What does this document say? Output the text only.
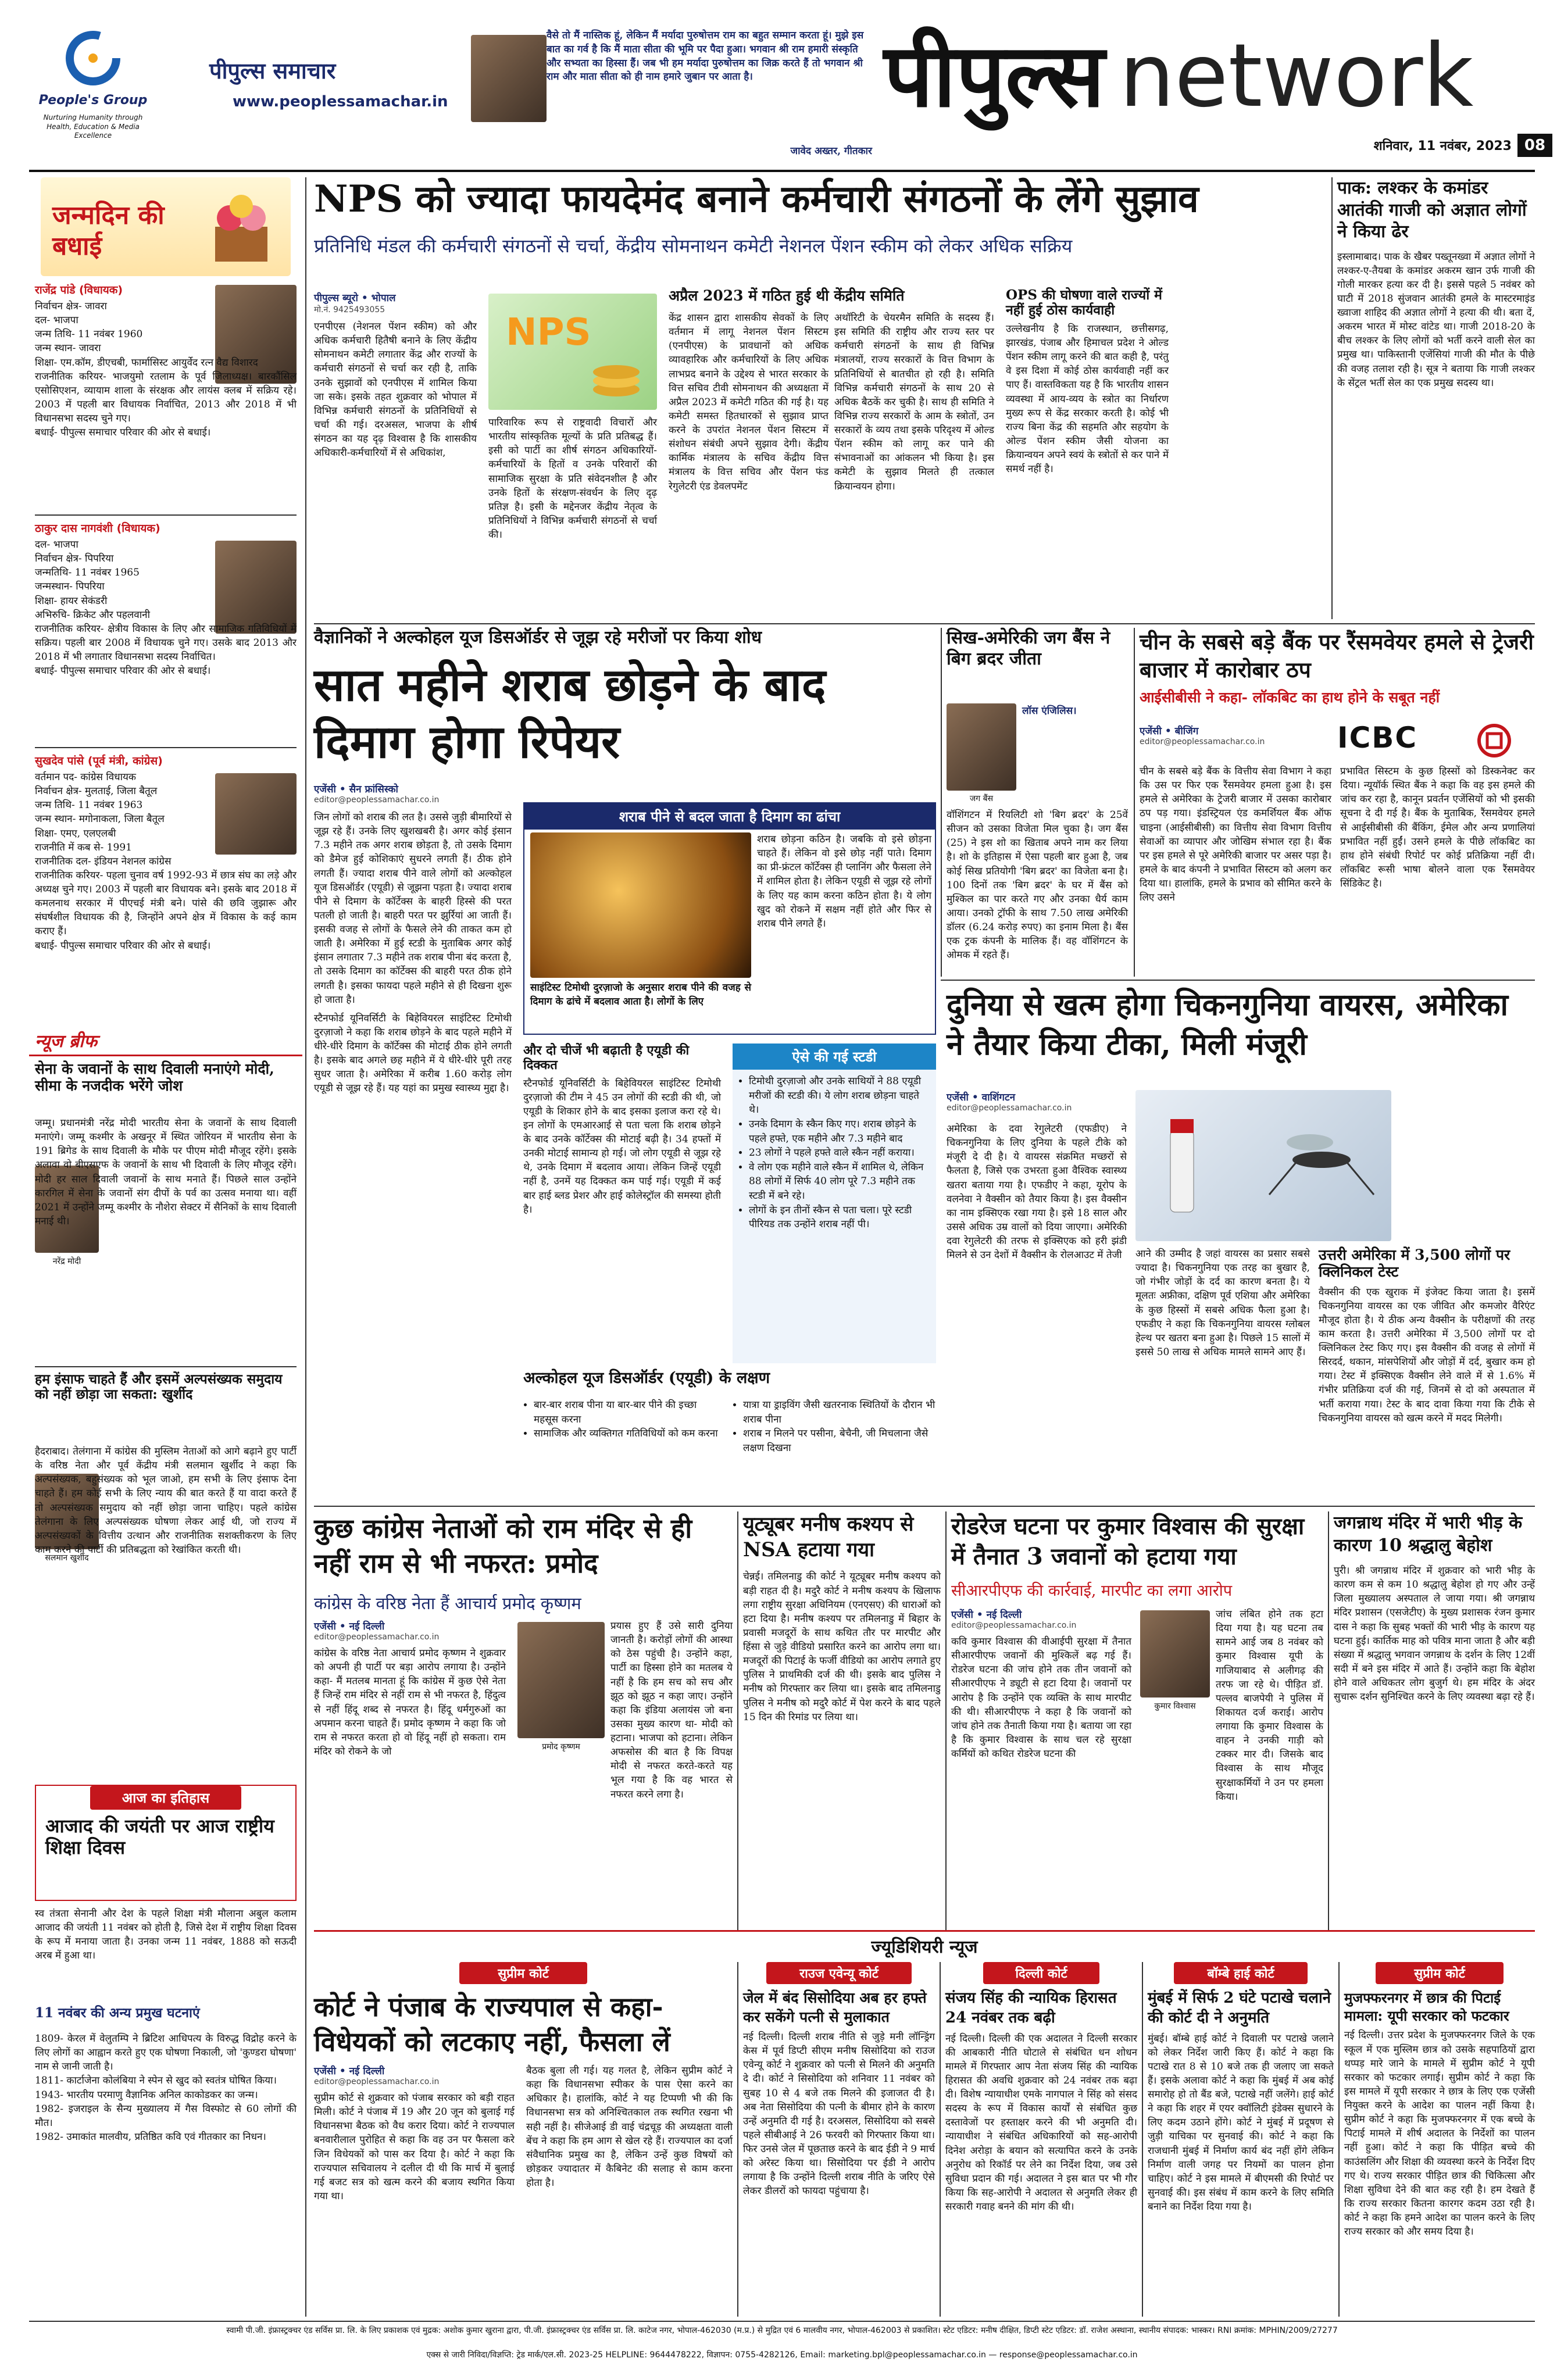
People's Group
Nurturing Humanity through Health, Education & Media Excellence
पीपुल्स समाचार
www.peoplessamachar.in
वैसे तो मैं नास्तिक हूं, लेकिन मैं मर्यादा पुरुषोत्तम राम का बहुत सम्मान करता हूं। मुझे इस बात का गर्व है कि मैं माता सीता की भूमि पर पैदा हुआ। भगवान श्री राम हमारी संस्कृति और सभ्यता का हिस्सा हैं। जब भी हम मर्यादा पुरुषोत्तम का जिक्र करते हैं तो भगवान श्री राम और माता सीता को ही नाम हमारे जुबान पर आता है।
जावेद अख्तर, गीतकार
पीपुल्स network
शनिवार, 11 नवंबर, 2023 08
जन्मदिन की बधाई
राजेंद्र पांडे (विधायक)
निर्वाचन क्षेत्र- जावरा
दल- भाजपा
जन्म तिथि- 11 नवंबर 1960
जन्म स्थान- जावरा
शिक्षा- एम.कॉम, डीएचबी, फार्मासिस्ट आयुर्वेद रत्न वैद्य विशारद
राजनीतिक करियर- भाजयुमो रतलाम के पूर्व जिलाध्यक्ष। बारकौंसिल एसोसिएशन, व्यायाम शाला के संरक्षक और लायंस क्लब में सक्रिय रहे। 2003 में पहली बार विधायक निर्वाचित, 2013 और 2018 में भी विधानसभा सदस्य चुने गए।
बधाई- पीपुल्स समाचार परिवार की ओर से बधाई।
ठाकुर दास नागवंशी (विधायक)
दल- भाजपा
निर्वाचन क्षेत्र- पिपरिया
जन्मतिथि- 11 नवंबर 1965
जन्मस्थान- पिपरिया
शिक्षा- हायर सेकंडरी
अभिरुचि- क्रिकेट और पहलवानी
राजनीतिक करियर- क्षेत्रीय विकास के लिए और सामाजिक गतिविधियों में सक्रिय। पहली बार 2008 में विधायक चुने गए। उसके बाद 2013 और 2018 में भी लगातार विधानसभा सदस्य निर्वाचित।
बधाई- पीपुल्स समाचार परिवार की ओर से बधाई।
सुखदेव पांसे (पूर्व मंत्री, कांग्रेस)
वर्तमान पद- कांग्रेस विधायक
निर्वाचन क्षेत्र- मुलताई, जिला बैतूल
जन्म तिथि- 11 नवंबर 1963
जन्म स्थान- मगोनाकला, जिला बैतूल
शिक्षा- एमए, एलएलबी
राजनीति में कब से- 1991
राजनीतिक दल- इंडियन नेशनल कांग्रेस
राजनीतिक करियर- पहला चुनाव वर्ष 1992-93 में छात्र संघ का लड़े और अध्यक्ष चुने गए। 2003 में पहली बार विधायक बने। इसके बाद 2018 में कमलनाथ सरकार में पीएचई मंत्री बने। पांसे की छवि जुझारू और संघर्षशील विधायक की है, जिन्होंने अपने क्षेत्र में विकास के कई काम कराए हैं।
बधाई- पीपुल्स समाचार परिवार की ओर से बधाई।
न्यूज ब्रीफ
सेना के जवानों के साथ दिवाली मनाएंगे मोदी, सीमा के नजदीक भरेंगे जोश
नरेंद्र मोदी
जम्मू। प्रधानमंत्री नरेंद्र मोदी भारतीय सेना के जवानों के साथ दिवाली मनाएंगे। जम्मू कश्मीर के अखनूर में स्थित जोरियन में भारतीय सेना के 191 ब्रिगेड के साथ दिवाली के मौके पर पीएम मोदी मौजूद रहेंगे। इसके अलावा वो बीएसएफ के जवानों के साथ भी दिवाली के लिए मौजूद रहेंगे। मोदी हर साल दिवाली जवानों के साथ मनाते हैं। पिछले साल उन्होंने कारगिल में सेना के जवानों संग दीपों के पर्व का उत्सव मनाया था। वहीं 2021 में उन्होंने जम्मू कश्मीर के नौशेरा सेक्टर में सैनिकों के साथ दिवाली मनाई थी।
हम इंसाफ चाहते हैं और इसमें अल्पसंख्यक समुदाय को नहीं छोड़ा जा सकता: खुर्शीद
सलमान खुर्शीद
हैदराबाद। तेलंगाना में कांग्रेस की मुस्लिम नेताओं को आगे बढ़ाने हुए पार्टी के वरिष्ठ नेता और पूर्व केंद्रीय मंत्री सलमान खुर्शीद ने कहा कि अल्पसंख्यक, बहुसंख्यक को भूल जाओ, हम सभी के लिए इंसाफ देना चाहते हैं। हम कोई सभी के लिए न्याय की बात करते हैं या वादा करते हैं तो अल्पसंख्यक समुदाय को नहीं छोड़ा जाना चाहिए। पहले कांग्रेस तेलंगाना के लिए अल्पसंख्यक घोषणा लेकर आई थी, जो राज्य में अल्पसंख्यकों के वित्तीय उत्थान और राजनीतिक सशक्तीकरण के लिए काम करने की पार्टी की प्रतिबद्धता को रेखांकित करती थी।
आज का इतिहास
आजाद की जयंती पर आज राष्ट्रीय शिक्षा दिवस
स्व तंत्रता सेनानी और देश के पहले शिक्षा मंत्री मौलाना अबुल कलाम आजाद की जयंती 11 नवंबर को होती है, जिसे देश में राष्ट्रीय शिक्षा दिवस के रूप में मनाया जाता है। उनका जन्म 11 नवंबर, 1888 को सऊदी अरब में हुआ था।
11 नवंबर की अन्य प्रमुख घटनाएं
1809- केरल में वेलुतम्पि ने ब्रिटिश आधिपत्य के विरुद्ध विद्रोह करने के लिए लोगों का आह्वान करते हुए एक घोषणा निकाली, जो 'कुण्डरा घोषणा' नाम से जानी जाती है।
1811- कार्टाजेना कोलंबिया ने स्पेन से खुद को स्वतंत्र घोषित किया।
1943- भारतीय परमाणु वैज्ञानिक अनिल काकोडकर का जन्म।
1982- इजराइल के सैन्य मुख्यालय में गैस विस्फोट से 60 लोगों की मौत।
1982- उमाकांत मालवीय, प्रतिष्ठित कवि एवं गीतकार का निधन।
NPS को ज्यादा फायदेमंद बनाने कर्मचारी संगठनों के लेंगे सुझाव
प्रतिनिधि मंडल की कर्मचारी संगठनों से चर्चा, केंद्रीय सोमनाथन कमेटी नेशनल पेंशन स्कीम को लेकर अधिक सक्रिय
पीपुल्स ब्यूरो • भोपाल
मो.नं. 9425493055
एनपीएस (नेशनल पेंशन स्कीम) को और अधिक कर्मचारी हितैषी बनाने के लिए केंद्रीय सोमनाथन कमेटी लगातार केंद्र और राज्यों के कर्मचारी संगठनों से चर्चा कर रही है, ताकि उनके सुझावों को एनपीएस में शामिल किया जा सके। इसके तहत शुक्रवार को भोपाल में विभिन्न कर्मचारी संगठनों के प्रतिनिधियों से चर्चा की गई। दरअसल, भाजपा के शीर्ष संगठन का यह दृढ़ विश्वास है कि शासकीय अधिकारी-कर्मचारियों में से अधिकांश,
NPS
पारिवारिक रूप से राष्ट्रवादी विचारों और भारतीय सांस्कृतिक मूल्यों के प्रति प्रतिबद्ध हैं। इसी को पार्टी का शीर्ष संगठन अधिकारियों-कर्मचारियों के हितों व उनके परिवारों की सामाजिक सुरक्षा के प्रति संवेदनशील है और उनके हितों के संरक्षण-संवर्धन के लिए दृढ़ प्रतिज्ञ है। इसी के मद्देनजर केंद्रीय नेतृत्व के प्रतिनिधियों ने विभिन्न कर्मचारी संगठनों से चर्चा की।
अप्रैल 2023 में गठित हुई थी केंद्रीय समिति
केंद्र शासन द्वारा शासकीय सेवकों के लिए वर्तमान में लागू नेशनल पेंशन सिस्टम (एनपीएस) के प्रावधानों को अधिक व्यावहारिक और कर्मचारियों के लिए अधिक लाभप्रद बनाने के उद्देश्य से भारत सरकार के वित्त सचिव टीवी सोमनाथन की अध्यक्षता में अप्रैल 2023 में कमेटी गठित की गई है। यह कमेटी समस्त हितधारकों से सुझाव प्राप्त करने के उपरांत नेशनल पेंशन सिस्टम में संशोधन संबंधी अपने सुझाव देगी। केंद्रीय कार्मिक मंत्रालय के सचिव केंद्रीय वित्त मंत्रालय के वित्त सचिव और पेंशन फंड रेगुलेटरी एंड डेवलपमेंट
अथॉरिटी के चेयरमैन समिति के सदस्य हैं। इस समिति की राष्ट्रीय और राज्य स्तर पर कर्मचारी संगठनों के साथ ही विभिन्न मंत्रालयों, राज्य सरकारों के वित्त विभाग के प्रतिनिधियों से बातचीत हो रही है। समिति विभिन्न कर्मचारी संगठनों के साथ 20 से अधिक बैठकें कर चुकी है। साथ ही समिति ने विभिन्न राज्य सरकारों के आम के स्त्रोतों, उन सरकारों के व्यय तथा इसके परिदृश्य में ओल्ड पेंशन स्कीम को लागू कर पाने की संभावनाओं का आंकलन भी किया है। इस कमेटी के सुझाव मिलते ही तत्काल क्रियान्वयन होगा।
OPS की घोषणा वाले राज्यों में नहीं हुई ठोस कार्यवाही
उल्लेखनीय है कि राजस्थान, छत्तीसगढ़, झारखंड, पंजाब और हिमाचल प्रदेश ने ओल्ड पेंशन स्कीम लागू करने की बात कही है, परंतु वे इस दिशा में कोई ठोस कार्यवाही नहीं कर पाए हैं। वास्तविकता यह है कि भारतीय शासन व्यवस्था में आय-व्यय के स्त्रोत का निर्धारण मुख्य रूप से केंद्र सरकार करती है। कोई भी राज्य बिना केंद्र की सहमति और सहयोग के ओल्ड पेंशन स्कीम जैसी योजना का क्रियान्वयन अपने स्वयं के स्त्रोतों से कर पाने में समर्थ नहीं है।
पाक: लश्कर के कमांडर आतंकी गाजी को अज्ञात लोगों ने किया ढेर
इस्लामाबाद। पाक के खैबर पख्तूनख्वा में अज्ञात लोगों ने लश्कर-ए-तैयबा के कमांडर अकरम खान उर्फ गाजी की गोली मारकर हत्या कर दी है। इससे पहले 5 नवंबर को घाटी में 2018 सुंजवान आतंकी हमले के मास्टरमाइंड ख्वाजा शाहिद की अज्ञात लोगों ने हत्या की थी। बता दें, अकरम भारत में मोस्ट वांटेड था। गाजी 2018-20 के बीच लश्कर के लिए लोगों को भर्ती करने वाली सेल का प्रमुख था। पाकिस्तानी एजेंसियां गाजी की मौत के पीछे की वजह तलाश रही है। सूत्र ने बताया कि गाजी लश्कर के सेंट्रल भर्ती सेल का एक प्रमुख सदस्य था।
वैज्ञानिकों ने अल्कोहल यूज डिसऑर्डर से जूझ रहे मरीजों पर किया शोध
सात महीने शराब छोड़ने के बाद दिमाग होगा रिपेयर
एजेंसी • सैन फ्रांसिस्को
editor@peoplessamachar.co.in
जिन लोगों को शराब की लत है। उससे जुड़ी बीमारियों से जूझ रहे हैं। उनके लिए खुशखबरी है। अगर कोई इंसान 7.3 महीने तक अगर शराब छोड़ता है, तो उसके दिमाग को डैमेज हुई कोशिकाएं सुधरने लगती हैं। ठीक होने लगती हैं। ज्यादा शराब पीने वाले लोगों को अल्कोहल यूज डिसऑर्डर (एयूडी) से जूझना पड़ता है। ज्यादा शराब पीने से दिमाग के कॉर्टेक्स के बाहरी हिस्से की परत पतली हो जाती है। बाहरी परत पर झुर्रियां आ जाती हैं। इसकी वजह से लोगों के फैसले लेने की ताकत कम हो जाती है। अमेरिका में हुई स्टडी के मुताबिक अगर कोई इंसान लगातार 7.3 महीने तक शराब पीना बंद करता है, तो उसके दिमाग का कॉर्टेक्स की बाहरी परत ठीक होने लगती है। इसका फायदा पहले महीने से ही दिखना शुरू हो जाता है।
स्टैनफोर्ड यूनिवर्सिटी के बिहेवियरल साइंटिस्ट टिमोथी दुरज़ाजो ने कहा कि शराब छोड़ने के बाद पहले महीने में धीरे-धीरे दिमाग के कॉर्टेक्स की मोटाई ठीक होने लगती है। इसके बाद अगले छह महीने में ये धीरे-धीरे पूरी तरह सुधर जाता है। अमेरिका में करीब 1.60 करोड़ लोग एयूडी से जूझ रहे हैं। यह यहां का प्रमुख स्वास्थ्य मुद्दा है।
शराब पीने से बदल जाता है दिमाग का ढांचा
साइंटिस्ट टिमोथी दुरज़ाजो के अनुसार शराब पीने की वजह से दिमाग के ढांचे में बदलाव आता है। लोगों के लिए
शराब छोड़ना कठिन है। जबकि वो इसे छोड़ना चाहते हैं। लेकिन वो इसे छोड़ नहीं पाते। दिमाग का प्री-फ्रंटल कॉर्टेक्स ही प्लानिंग और फैसला लेने में शामिल होता है। लेकिन एयूडी से जूझ रहे लोगों के लिए यह काम करना कठिन होता है। ये लोग खुद को रोकने में सक्षम नहीं होते और फिर से शराब पीने लगते हैं।
और दो चीजें भी बढ़ाती है एयूडी की दिक्कत
स्टैनफोर्ड यूनिवर्सिटी के बिहेवियरल साइंटिस्ट टिमोथी दुरज़ाजो की टीम ने 45 उन लोगों की स्टडी की थी, जो एयूडी के शिकार होने के बाद इसका इलाज करा रहे थे। इन लोगों के एमआरआई से पता चला कि शराब छोड़ने के बाद उनके कॉर्टेक्स की मोटाई बढ़ी है। 34 हफ्तों में उनकी मोटाई सामान्य हो गई। जो लोग एयूडी से जूझ रहे थे, उनके दिमाग में बदलाव आया। लेकिन जिन्हें एयूडी नहीं है, उनमें यह दिक्कत कम पाई गई। एयूडी में कई बार हाई ब्लड प्रेशर और हाई कोलेस्ट्रॉल की समस्या होती है।
ऐसे की गई स्टडी
• टिमोथी दुरज़ाजो और उनके साथियों ने 88 एयूडी मरीजों की स्टडी की। ये लोग शराब छोड़ना चाहते थे।
• उनके दिमाग के स्कैन किए गए। शराब छोड़ने के पहले हफ्ते, एक महीने और 7.3 महीने बाद
• 23 लोगों ने पहले हफ्ते वाले स्कैन नहीं कराया।
• वे लोग एक महीने वाले स्कैन में शामिल थे, लेकिन 88 लोगों में सिर्फ 40 लोग पूरे 7.3 महीने तक स्टडी में बने रहे।
• लोगों के इन तीनों स्कैन से पता चला। पूरे स्टडी पीरियड तक उन्होंने शराब नहीं पी।
अल्कोहल यूज डिसऑर्डर (एयूडी) के लक्षण
• बार-बार शराब पीना या बार-बार पीने की इच्छा महसूस करना
• सामाजिक और व्यक्तिगत गतिविधियों को कम करना
• यात्रा या ड्राइविंग जैसी खतरनाक स्थितियों के दौरान भी शराब पीना
• शराब न मिलने पर पसीना, बेचैनी, जी मिचलाना जैसे लक्षण दिखना
सिख-अमेरिकी जग बैंस ने बिग ब्रदर जीता
जग बैंस
लॉस एंजिलिस।
वॉशिंगटन में रियलिटी शो 'बिग ब्रदर' के 25वें सीजन को उसका विजेता मिल चुका है। जग बैंस (25) ने इस शो का खिताब अपने नाम कर लिया है। शो के इतिहास में ऐसा पहली बार हुआ है, जब कोई सिख प्रतियोगी 'बिग ब्रदर' का विजेता बना है। 100 दिनों तक 'बिग ब्रदर' के घर में बैंस को मुश्किल का पार करते गए और उनका धैर्य काम आया। उनको ट्रॉफी के साथ 7.50 लाख अमेरिकी डॉलर (6.24 करोड़ रुपए) का इनाम मिला है। बैंस एक ट्रक कंपनी के मालिक हैं। वह वॉशिंगटन के ओमक में रहते हैं।
चीन के सबसे बड़े बैंक पर रैंसमवेयर हमले से ट्रेजरी बाजार में कारोबार ठप
आईसीबीसी ने कहा- लॉकबिट का हाथ होने के सबूत नहीं
एजेंसी • बीजिंग
editor@peoplessamachar.co.in	ICBC
चीन के सबसे बड़े बैंक के वित्तीय सेवा विभाग ने कहा कि उस पर फिर एक रैंसमवेयर हमला हुआ है। इस हमले से अमेरिका के ट्रेजरी बाजार में उसका कारोबार ठप पड़ गया। इंडस्ट्रियल एंड कमर्शियल बैंक ऑफ चाइना (आईसीबीसी) का वित्तीय सेवा विभाग वित्तीय सेवाओं का व्यापार और जोखिम संभाल रहा है। बैंक पर इस हमले से पूरे अमेरिकी बाजार पर असर पड़ा है। हमले के बाद कंपनी ने प्रभावित सिस्टम को अलग कर दिया था। हालांकि, हमले के प्रभाव को सीमित करने के लिए उसने
प्रभावित सिस्टम के कुछ हिस्सों को डिस्कनेक्ट कर दिया। न्यूयॉर्क स्थित बैंक ने कहा कि वह इस हमले की जांच कर रहा है, कानून प्रवर्तन एजेंसियों को भी इसकी सूचना दे दी गई है। बैंक के मुताबिक, रैंसमवेयर हमले से आईसीबीसी की बैंकिंग, ईमेल और अन्य प्रणालियां प्रभावित नहीं हुईं। उसने हमले के पीछे लॉकबिट का हाथ होने संबंधी रिपोर्ट पर कोई प्रतिक्रिया नहीं दी। लॉकबिट रूसी भाषा बोलने वाला एक रैंसमवेयर सिंडिकेट है।
दुनिया से खत्म होगा चिकनगुनिया वायरस, अमेरिका ने तैयार किया टीका, मिली मंजूरी
एजेंसी • वाशिंगटन
editor@peoplessamachar.co.in
अमेरिका के दवा रेगुलेटरी (एफडीए) ने चिकनगुनिया के लिए दुनिया के पहले टीके को मंजूरी दे दी है। ये वायरस संक्रमित मच्छरों से फैलता है, जिसे एक उभरता हुआ वैश्विक स्वास्थ्य खतरा बताया गया है। एफडीए ने कहा, यूरोप के वलनेवा ने वैक्सीन को तैयार किया है। इस वैक्सीन का नाम इक्सिएक रखा गया है। इसे 18 साल और उससे अधिक उम्र वालों को दिया जाएगा। अमेरिकी दवा रेगुलेटरी की तरफ से इक्सिएक को हरी झंडी मिलने से उन देशों में वैक्सीन के रोलआउट में तेजी	आने की उम्मीद है जहां वायरस का प्रसार सबसे ज्यादा है। चिकनगुनिया एक तरह का बुखार है, जो गंभीर जोड़ों के दर्द का कारण बनता है। ये मूलतः अफ्रीका, दक्षिण पूर्व एशिया और अमेरिका के कुछ हिस्सों में सबसे अधिक फैला हुआ है। एफडीए ने कहा कि चिकनगुनिया वायरस ग्लोबल हेल्थ पर खतरा बना हुआ है। पिछले 15 सालों में इससे 50 लाख से अधिक मामले सामने आए हैं।
उत्तरी अमेरिका में 3,500 लोगों पर क्लिनिकल टेस्ट
वैक्सीन की एक खुराक में इंजेक्ट किया जाता है। इसमें चिकनगुनिया वायरस का एक जीवित और कमजोर वैरिएंट मौजूद होता है। ये ठीक अन्य वैक्सीन के परीक्षणों की तरह काम करता है। उत्तरी अमेरिका में 3,500 लोगों पर दो क्लिनिकल टेस्ट किए गए। इस वैक्सीन की वजह से लोगों में सिरदर्द, थकान, मांसपेशियों और जोड़ों में दर्द, बुखार कम हो गया। टेस्ट में इक्सिएक वैक्सीन लेने वाले में से 1.6% में गंभीर प्रतिक्रिया दर्ज की गई, जिनमें से दो को अस्पताल में भर्ती कराया गया। टेस्ट के बाद दावा किया गया कि टीके से चिकनगुनिया वायरस को खत्म करने में मदद मिलेगी।
कुछ कांग्रेस नेताओं को राम मंदिर से ही नहीं राम से भी नफरत: प्रमोद
कांग्रेस के वरिष्ठ नेता हैं आचार्य प्रमोद कृष्णम
एजेंसी • नई दिल्ली
editor@peoplessamachar.co.in
कांग्रेस के वरिष्ठ नेता आचार्य प्रमोद कृष्णम ने शुक्रवार को अपनी ही पार्टी पर बड़ा आरोप लगाया है। उन्होंने कहा- मैं मतलब मानता हूं कि कांग्रेस में कुछ ऐसे नेता हैं जिन्हें राम मंदिर से नहीं राम से भी नफरत है, हिंदुत्व से नहीं हिंदू शब्द से नफरत है। हिंदू धर्मगुरुओं का अपमान करना चाहते हैं। प्रमोद कृष्णम ने कहा कि जो राम से नफरत करता हो वो हिंदू नहीं हो सकता। राम मंदिर को रोकने के जो	प्रमोद कृष्णम
प्रयास हुए हैं उसे सारी दुनिया जानती है। करोड़ों लोगों की आस्था को ठेस पहुंची है। उन्होंने कहा, पार्टी का हिस्सा होने का मतलब ये नहीं है कि हम सच को सच और झूठ को झूठ न कहा जाए। उन्होंने कहा कि इंडिया अलायंस जो बना उसका मुख्य कारण था- मोदी को हटाना। भाजपा को हटाना। लेकिन अफसोस की बात है कि विपक्ष मोदी से नफरत करते-करते यह भूल गया है कि वह भारत से नफरत करने लगा है।
यूट्यूबर मनीष कश्यप से NSA हटाया गया
चेन्नई। तमिलनाडु की कोर्ट ने यूट्यूबर मनीष कश्यप को बड़ी राहत दी है। मदुरै कोर्ट ने मनीष कश्यप के खिलाफ लगा राष्ट्रीय सुरक्षा अधिनियम (एनएसए) की धाराओं को हटा दिया है। मनीष कश्यप पर तमिलनाडु में बिहार के प्रवासी मजदूरों के साथ कथित तौर पर मारपीट और हिंसा से जुड़े वीडियो प्रसारित करने का आरोप लगा था। मजदूरों की पिटाई के फर्जी वीडियो का आरोप लगाते हुए पुलिस ने प्राथमिकी दर्ज की थी। इसके बाद पुलिस ने मनीष को गिरफ्तार कर लिया था। इसके बाद तमिलनाडु पुलिस ने मनीष को मदुरै कोर्ट में पेश करने के बाद पहले 15 दिन की रिमांड पर लिया था।
रोडरेज घटना पर कुमार विश्वास की सुरक्षा में तैनात 3 जवानों को हटाया गया
सीआरपीएफ की कार्रवाई, मारपीट का लगा आरोप
एजेंसी • नई दिल्ली
editor@peoplessamachar.co.in
कवि कुमार विश्वास की वीआईपी सुरक्षा में तैनात सीआरपीएफ जवानों की मुश्किलें बढ़ गई हैं। रोडरेज घटना की जांच होने तक तीन जवानों को सीआरपीएफ ने ड्यूटी से हटा दिया है। जवानों पर आरोप है कि उन्होंने एक व्यक्ति के साथ मारपीट की थी। सीआरपीएफ ने कहा है कि जवानों को जांच होने तक तैनाती किया गया है। बताया जा रहा है कि कुमार विश्वास के साथ चल रहे सुरक्षा कर्मियों को कथित रोडरेज घटना की
कुमार विश्वास
जांच लंबित होने तक हटा दिया गया है। यह घटना तब सामने आई जब 8 नवंबर को कुमार विश्वास यूपी के गाजियाबाद से अलीगढ़ की तरफ जा रहे थे। पीड़ित डॉ. पल्लव बाजपेयी ने पुलिस में शिकायत दर्ज कराई। आरोप लगाया कि कुमार विश्वास के वाहन ने उनकी गाड़ी को टक्कर मार दी। जिसके बाद विश्वास के साथ मौजूद सुरक्षाकर्मियों ने उन पर हमला किया।
जगन्नाथ मंदिर में भारी भीड़ के कारण 10 श्रद्धालु बेहोश
पुरी। श्री जगन्नाथ मंदिर में शुक्रवार को भारी भीड़ के कारण कम से कम 10 श्रद्धालु बेहोश हो गए और उन्हें जिला मुख्यालय अस्पताल ले जाया गया। श्री जगन्नाथ मंदिर प्रशासन (एसजेटीए) के मुख्य प्रशासक रंजन कुमार दास ने कहा कि सुबह भक्तों की भारी भीड़ के कारण यह घटना हुई। कार्तिक माह को पवित्र माना जाता है और बड़ी संख्या में श्रद्धालु भगवान जगन्नाथ के दर्शन के लिए 12वीं सदी में बने इस मंदिर में आते हैं। उन्होंने कहा कि बेहोश होने वाले अधिकतर लोग बुजुर्ग थे। हम मंदिर के अंदर सुचारू दर्शन सुनिश्चित करने के लिए व्यवस्था बढ़ा रहे हैं।
ज्यूडिशियरी न्यूज
सुप्रीम कोर्ट
कोर्ट ने पंजाब के राज्यपाल से कहा- विधेयकों को लटकाए नहीं, फैसला लें
एजेंसी • नई दिल्ली
editor@peoplessamachar.co.in
सुप्रीम कोर्ट से शुक्रवार को पंजाब सरकार को बड़ी राहत मिली। कोर्ट ने पंजाब में 19 और 20 जून को बुलाई गई विधानसभा बैठक को वैध करार दिया। कोर्ट ने राज्यपाल बनवारीलाल पुरोहित से कहा कि वह उन पर फैसला करे जिन विधेयकों को पास कर दिया है। कोर्ट ने कहा कि राज्यपाल सचिवालय ने दलील दी थी कि मार्च में बुलाई गई बजट सत्र को खत्म करने की बजाय स्थगित किया गया था।
बैठक बुला ली गई। यह गलत है, लेकिन सुप्रीम कोर्ट ने कहा कि विधानसभा स्पीकर के पास ऐसा करने का अधिकार है। हालांकि, कोर्ट ने यह टिप्पणी भी की कि विधानसभा सत्र को अनिश्चितकाल तक स्थगित रखना भी सही नहीं है। सीजेआई डी वाई चंद्रचूड़ की अध्यक्षता वाली बेंच ने कहा कि हम आग से खेल रहे हैं। राज्यपाल का दर्जा संवैधानिक प्रमुख का है, लेकिन उन्हें कुछ विषयों को छोड़कर ज्यादातर में कैबिनेट की सलाह से काम करना होता है।
राउज एवेन्यू कोर्ट
जेल में बंद सिसोदिया अब हर हफ्ते कर सकेंगे पत्नी से मुलाकात
नई दिल्ली। दिल्ली शराब नीति से जुड़े मनी लॉन्ड्रिंग केस में पूर्व डिप्टी सीएम मनीष सिसोदिया को राउज एवेन्यू कोर्ट ने शुक्रवार को पत्नी से मिलने की अनुमति दे दी। कोर्ट ने सिसोदिया को शनिवार 11 नवंबर को सुबह 10 से 4 बजे तक मिलने की इजाजत दी है। अब नेता सिसोदिया की पत्नी के बीमार होने के कारण उन्हें अनुमति दी गई है। दरअसल, सिसोदिया को सबसे पहले सीबीआई ने 26 फरवरी को गिरफ्तार किया था। फिर उनसे जेल में पूछताछ करने के बाद ईडी ने 9 मार्च को अरेस्ट किया था। सिसोदिया पर ईडी ने आरोप लगाया है कि उन्होंने दिल्ली शराब नीति के जरिए ऐसे लेकर डीलरों को फायदा पहुंचाया है।
दिल्ली कोर्ट
संजय सिंह की न्यायिक हिरासत 24 नवंबर तक बढ़ी
नई दिल्ली। दिल्ली की एक अदालत ने दिल्ली सरकार की आबकारी नीति घोटाले से संबंधित धन शोधन मामले में गिरफ्तार आप नेता संजय सिंह की न्यायिक हिरासत की अवधि शुक्रवार को 24 नवंबर तक बढ़ा दी। विशेष न्यायाधीश एमके नागपाल ने सिंह को संसद सदस्य के रूप में विकास कार्यों से संबंधित कुछ दस्तावेजों पर हस्ताक्षर करने की भी अनुमति दी। न्यायाधीश ने संबंधित अधिकारियों को सह-आरोपी दिनेश अरोड़ा के बयान को सत्यापित करने के उनके अनुरोध को रिकॉर्ड पर लेने का निर्देश दिया, जब उसे सुविधा प्रदान की गई। अदालत ने इस बात पर भी गौर किया कि सह-आरोपी ने अदालत से अनुमति लेकर ही सरकारी गवाह बनने की मांग की थी।
बॉम्बे हाई कोर्ट
मुंबई में सिर्फ 2 घंटे पटाखे चलाने की कोर्ट दी ने अनुमति
मुंबई। बॉम्बे हाई कोर्ट ने दिवाली पर पटाखे जलाने को लेकर निर्देश जारी किए हैं। कोर्ट ने कहा कि पटाखे रात 8 से 10 बजे तक ही जलाए जा सकते हैं। इसके अलावा कोर्ट ने कहा कि मुंबई में अब कोई समारोह हो तो बैंड बजे, पटाखे नहीं जलेंगे। हाई कोर्ट ने कहा कि शहर में एयर क्वॉलिटी इंडेक्स सुधारने के लिए कदम उठाने होंगे। कोर्ट ने मुंबई में प्रदूषण से जुड़ी याचिका पर सुनवाई की। कोर्ट ने कहा कि राजधानी मुंबई में निर्माण कार्य बंद नहीं होंगे लेकिन निर्माण वाली जगह पर नियमों का पालन होना चाहिए। कोर्ट ने इस मामले में बीएमसी की रिपोर्ट पर सुनवाई की। इस संबंध में काम करने के लिए समिति बनाने का निर्देश दिया गया है।
सुप्रीम कोर्ट
मुजफ्फरनगर में छात्र की पिटाई मामला: यूपी सरकार को फटकार
नई दिल्ली। उत्तर प्रदेश के मुजफ्फरनगर जिले के एक स्कूल में एक मुस्लिम छात्र को उसके सहपाठियों द्वारा थप्पड़ मारे जाने के मामले में सुप्रीम कोर्ट ने यूपी सरकार को फटकार लगाई। सुप्रीम कोर्ट ने कहा कि इस मामले में यूपी सरकार ने छात्र के लिए एक एजेंसी नियुक्त करने के आदेश का पालन नहीं किया है। सुप्रीम कोर्ट ने कहा कि मुजफ्फरनगर में एक बच्चे के पिटाई मामले में शीर्ष अदालत के निर्देशों का पालन नहीं हुआ। कोर्ट ने कहा कि पीड़ित बच्चे की काउंसलिंग और शिक्षा की व्यवस्था करने के निर्देश दिए गए थे। राज्य सरकार पीड़ित छात्र की चिकित्सा और शिक्षा सुविधा देने की बात कह रही है। हम देखते हैं कि राज्य सरकार कितना कारगर कदम उठा रही है। कोर्ट ने कहा कि हमने आदेश का पालन करने के लिए राज्य सरकार को और समय दिया है।
स्वामी पी.जी. इंफ्रास्ट्रक्चर एंड सर्विस प्रा. लि. के लिए प्रकाशक एवं मुद्रक: अशोक कुमार खुराना द्वारा, पी.जी. इंफ्रास्ट्रक्चर एंड सर्विस प्रा. लि. काटेज नगर, भोपाल-462030 (म.प्र.) से मुद्रित एवं 6 मालवीय नगर, भोपाल-462003 से प्रकाशित। स्टेट एडिटर: मनीष दीक्षित, डिप्टी स्टेट एडिटर: डॉ. राजेश अस्थाना, स्थानीय संपादक: भास्कर। RNI क्रमांक: MPHIN/2009/27277
एक्स से जारी निविदा/विज्ञप्ति: ट्रेड मार्क/एल.सी. 2023-25 HELPLINE: 9644478222, विज्ञापन: 0755-4282126, Email: marketing.bpl@peoplessamachar.co.in — response@peoplessamachar.co.in
